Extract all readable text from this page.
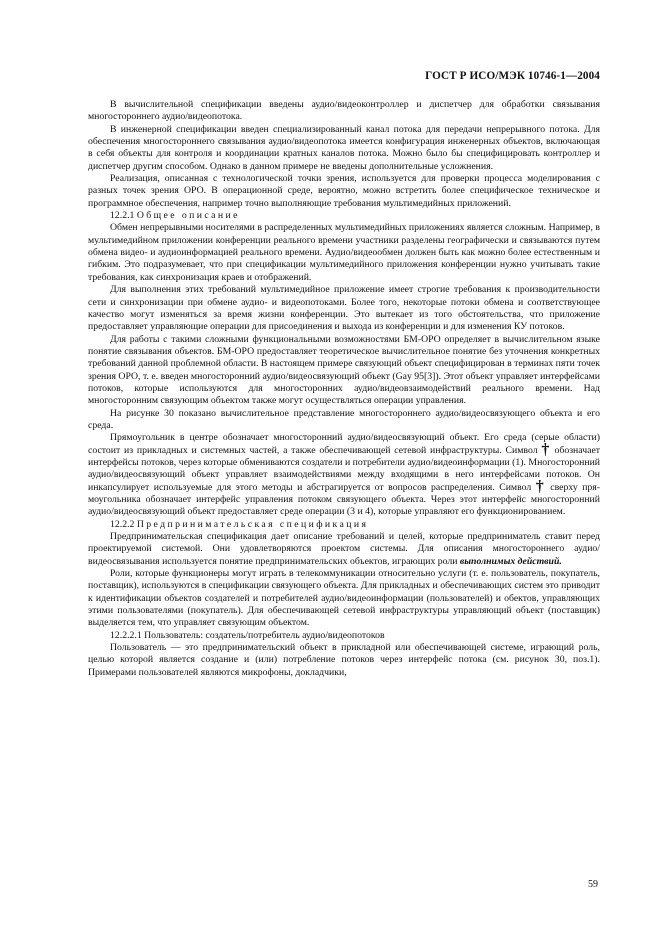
ГОСТ Р ИСО/МЭК 10746-1—2004

В вычислительной спецификации введены аудио/видеоконтроллер и диспетчер для обработки связывания многостороннего аудио/видеопотока.

В инженерной спецификации введен специализированный канал потока для передачи непрерывного потока. Для обеспечения многостороннего связывания аудио/видеопотока имеется конфигурация инженерных объектов, включающая в себя объекты для контроля и координации кратных каналов потока. Можно было бы специфицировать контроллер и диспетчер другим способом. Однако в данном примере не введены дополнительные усложнения.

Реализация, описанная с технологической точки зрения, используется для проверки процесса моделирования с разных точек зрения ОРО. В операционной среде, вероятно, можно встретить более специфическое техническое и программное обеспечения, например точно выполняющие требования мультимедийных приложений.

12.2.1 Общее описание

Обмен непрерывными носителями в распределенных мультимедийных приложениях является сложным. Например, в мультимедийном приложении конференции реального времени участники разделены географически и связываются путем обмена видео- и аудиоинформацией реального времени. Аудио/видеообмен должен быть как можно более естественным и гибким. Это подразумевает, что при спецификации мультимедийного приложения конференции нужно учитывать такие требования, как синхронизация краев и отображений.

Для выполнения этих требований мультимедийное приложение имеет строгие требования к производительности сети и синхронизации при обмене аудио- и видеопотоками. Более того, некоторые потоки обмена и соответствующее качество могут изменяться за время жизни конференции. Это вытекает из того обстоятельства, что приложение предоставляет управляющие операции для присоединения и выхода из конференции и для изменения КУ потоков.

Для работы с такими сложными функциональными возможностями БМ-ОРО определяет в вычислительном языке понятие связывания объектов. БМ-ОРО предоставляет теоретическое вычислительное понятие без уточнения конкретных требований данной проблемной области. В настоящем примере связующий объект специфицирован в терминах пяти точек зрения ОРО, т. е. введен многосторонний аудио/видеосвязующий объект (Gay 95[3]). Этот объект управляет интерфейсами потоков, которые используются для многосторонних аудио/видеовзаимодействий реального времени. Над многосторонним связующим объектом также могут осуществляться операции управления.

На рисунке 30 показано вычислительное представление многостороннего аудио/видеосвязующего объекта и его среда.

Прямоугольник в центре обозначает многосторонний аудио/видеосвязующий объект. Его среда (серые области) состоит из прикладных и системных частей, а также обеспечивающей сетевой инфраструктуры. Символ † обозначает интерфейсы потоков, через которые обмениваются создатели и потребители аудио/видеоинформации (1). Многосторонний аудио/видеосвязующий объект управляет взаимодействиями между входящими в него интерфейсами потоков. Он инкапсулирует используемые для этого методы и абстрагируется от вопросов распределения. Символ † сверху прямоугольника обозначает интерфейс управления потоком связующего объекта. Через этот интерфейс многосторонний аудио/видеосвязующий объект предоставляет среде операции (3 и 4), которые управляют его функционированием.

12.2.2 Предпринимательская спецификация

Предпринимательская спецификация дает описание требований и целей, которые предприниматель ставит перед проектируемой системой. Они удовлетворяются проектом системы. Для описания многостороннего аудио/видеосвязывания используется понятие предпринимательских объектов, играющих роли выполнимых действий.

Роли, которые функционеры могут играть в телекоммуникации относительно услуги (т. е. пользователь, покупатель, поставщик), используются в спецификации связующего объекта. Для прикладных и обеспечивающих систем это приводит к идентификации объектов создателей и потребителей аудио/видеоинформации (пользователей) и обектов, управляющих этими пользователями (покупатель). Для обеспечивающей сетевой инфраструктуры управляющий объект (поставщик) выделяется тем, что управляет связующим объектом.

12.2.2.1 Пользователь: создатель/потребитель аудио/видеопотоков

Пользователь — это предпринимательский объект в прикладной или обеспечивающей системе, играющий роль, целью которой является создание и (или) потребление потоков через интерфейс потока (см. рисунок 30, поз.1). Примерами пользователей являются микрофоны, докладчики,

59
